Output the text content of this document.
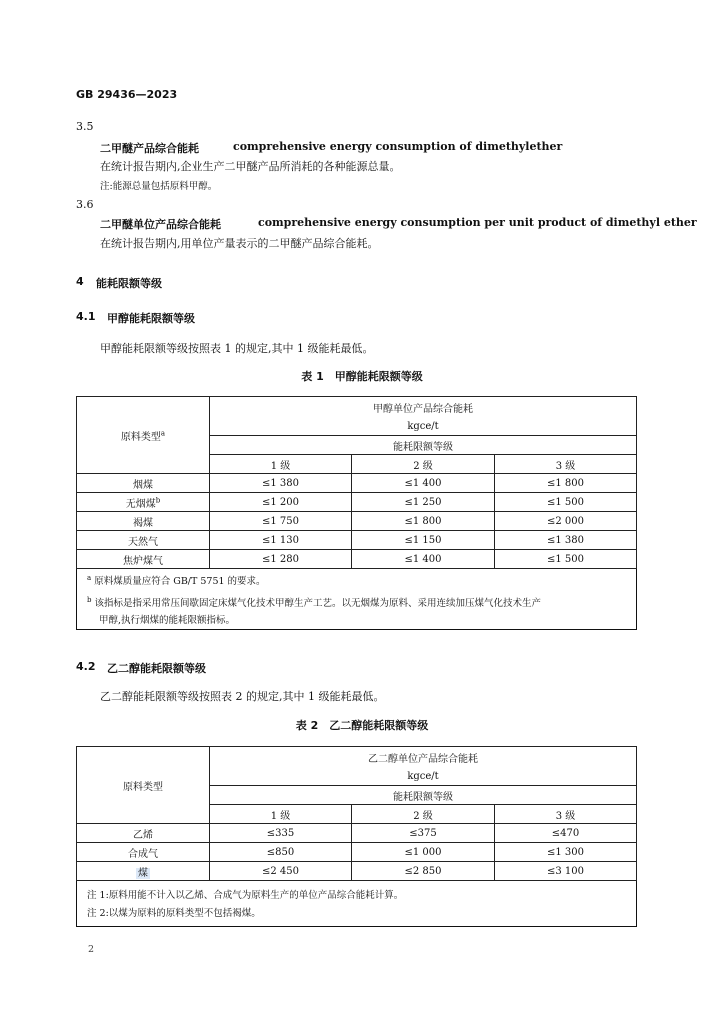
GB 29436—2023
3.5
二甲醚产品综合能耗	comprehensive energy consumption of dimethylether
在统计报告期内,企业生产二甲醚产品所消耗的各种能源总量。
注:能源总量包括原料甲醇。
3.6
二甲醚单位产品综合能耗	comprehensive energy consumption per unit product of dimethyl ether
在统计报告期内,用单位产量表示的二甲醚产品综合能耗。
4 能耗限额等级
4.1 甲醇能耗限额等级
甲醇能耗限额等级按照表 1 的规定,其中 1 级能耗最低。
表 1　甲醇能耗限额等级
原料类型$^a$	甲醇单位产品综合能耗
kgce/t		

	能耗限额等级		
	1 级	2 级	3 级
烟煤	≤1 380	≤1 400	≤1 800
无烟煤$^b$	≤1 200	≤1 250	≤1 500
褐煤	≤1 750	≤1 800	≤2 000
天然气	≤1 130	≤1 150	≤1 380
焦炉煤气	≤1 280	≤1 400	≤1 500
$^a$ 原料煤质量应符合 GB/T 5751 的要求。
$^b$ 该指标是指采用常压间歇固定床煤气化技术甲醇生产工艺。以无烟煤为原料、采用连续加压煤气化技术生产
甲醇,执行烟煤的能耗限额指标。
4.2 乙二醇能耗限额等级
乙二醇能耗限额等级按照表 2 的规定,其中 1 级能耗最低。
表 2　乙二醇能耗限额等级
原料类型	乙二醇单位产品综合能耗
kgce/t		

	能耗限额等级		
	1 级	2 级	3 级
乙烯	≤335	≤375	≤470
合成气	≤850	≤1 000	≤1 300
煤	≤2 450	≤2 850	≤3 100
注 1:原料用能不计入以乙烯、合成气为原料生产的单位产品综合能耗计算。
注 2:以煤为原料的原料类型不包括褐煤。
2
